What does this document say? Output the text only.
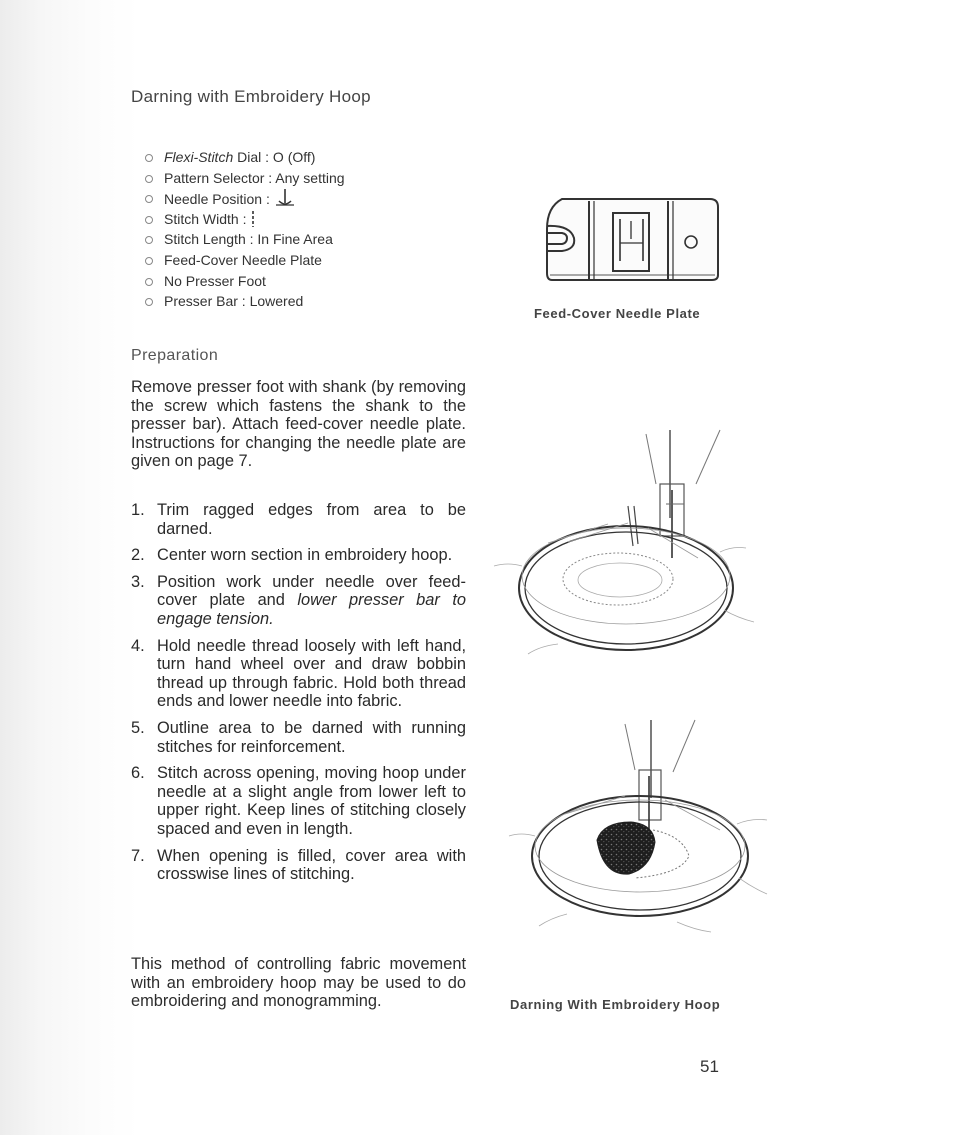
Darning with Embroidery Hoop
Flexi-Stitch Dial : O (Off)
Pattern Selector : Any setting
Needle Position :
Stitch Width :
Stitch Length : In Fine Area
Feed-Cover Needle Plate
No Presser Foot
Presser Bar : Lowered
Feed-Cover Needle Plate
Preparation

Remove presser foot with shank (by removing the screw which fastens the shank to the presser bar). Attach feed-cover needle plate. Instructions for changing the needle plate are given on page 7.

1. Trim ragged edges from area to be darned.
2. Center worn section in embroidery hoop.
3. Position work under needle over feed-cover plate and lower presser bar to engage tension.
4. Hold needle thread loosely with left hand, turn hand wheel over and draw bobbin thread up through fabric. Hold both thread ends and lower needle into fabric.
5. Outline area to be darned with running stitches for reinforcement.
6. Stitch across opening, moving hoop under needle at a slight angle from lower left to upper right. Keep lines of stitching closely spaced and even in length.
7. When opening is filled, cover area with crosswise lines of stitching.

This method of controlling fabric movement with an embroidery hoop may be used to do embroidering and monogramming.	Darning With Embroidery Hoop
51
